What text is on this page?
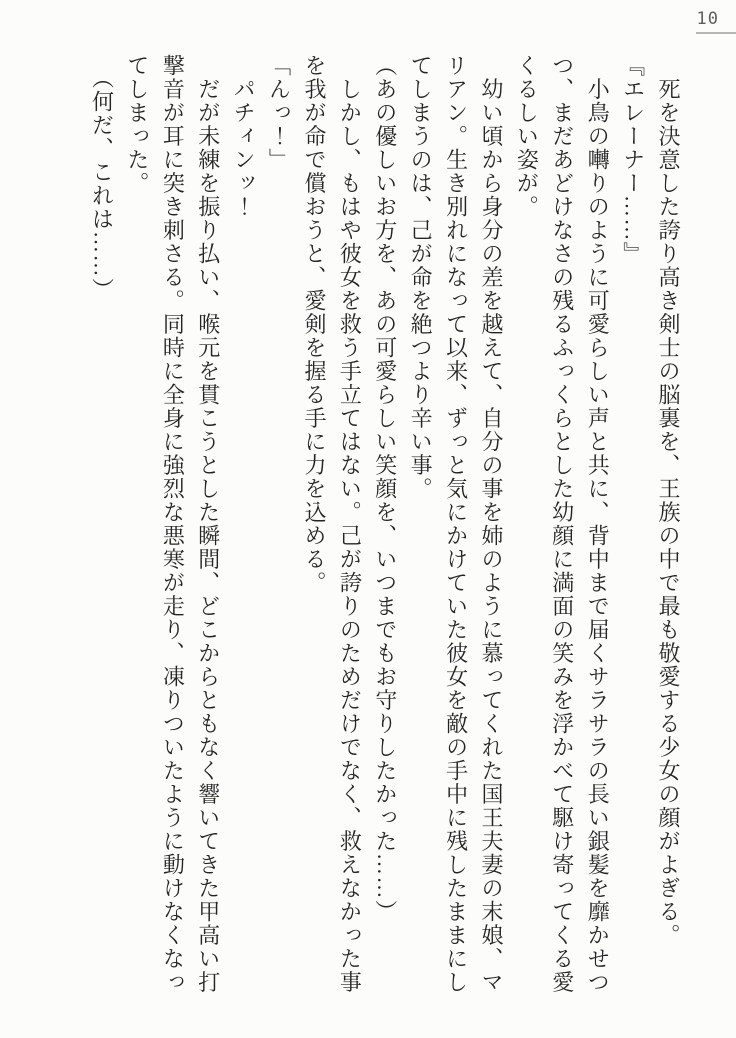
10

　死を決意した誇り高き剣士の脳裏を、王族の中で最も敬愛する少女の顔がよぎる。

『エレーナー……』

　小鳥の囀りのように可愛らしい声と共に、背中まで届くサラサラの長い銀髪を靡かせつ

つ、まだあどけなさの残るふっくらとした幼顔に満面の笑みを浮かべて駆け寄ってくる愛

くるしい姿が。

　幼い頃から身分の差を越えて、自分の事を姉のように慕ってくれた国王夫妻の末娘、マ

リアン。生き別れになって以来、ずっと気にかけていた彼女を敵の手中に残したままにし

てしまうのは、己が命を絶つより辛い事。

（あの優しいお方を、あの可愛らしい笑顔を、いつまでもお守りしたかった……）

　しかし、もはや彼女を救う手立てはない。己が誇りのためだけでなく、救えなかった事

を我が命で償おうと、愛剣を握る手に力を込める。

「んっ！」

　パチィンッ！

　だが未練を振り払い、喉元を貫こうとした瞬間、どこからともなく響いてきた甲高い打

撃音が耳に突き刺さる。同時に全身に強烈な悪寒が走り、凍りついたように動けなくなっ

てしまった。

　（何だ、これは……）
